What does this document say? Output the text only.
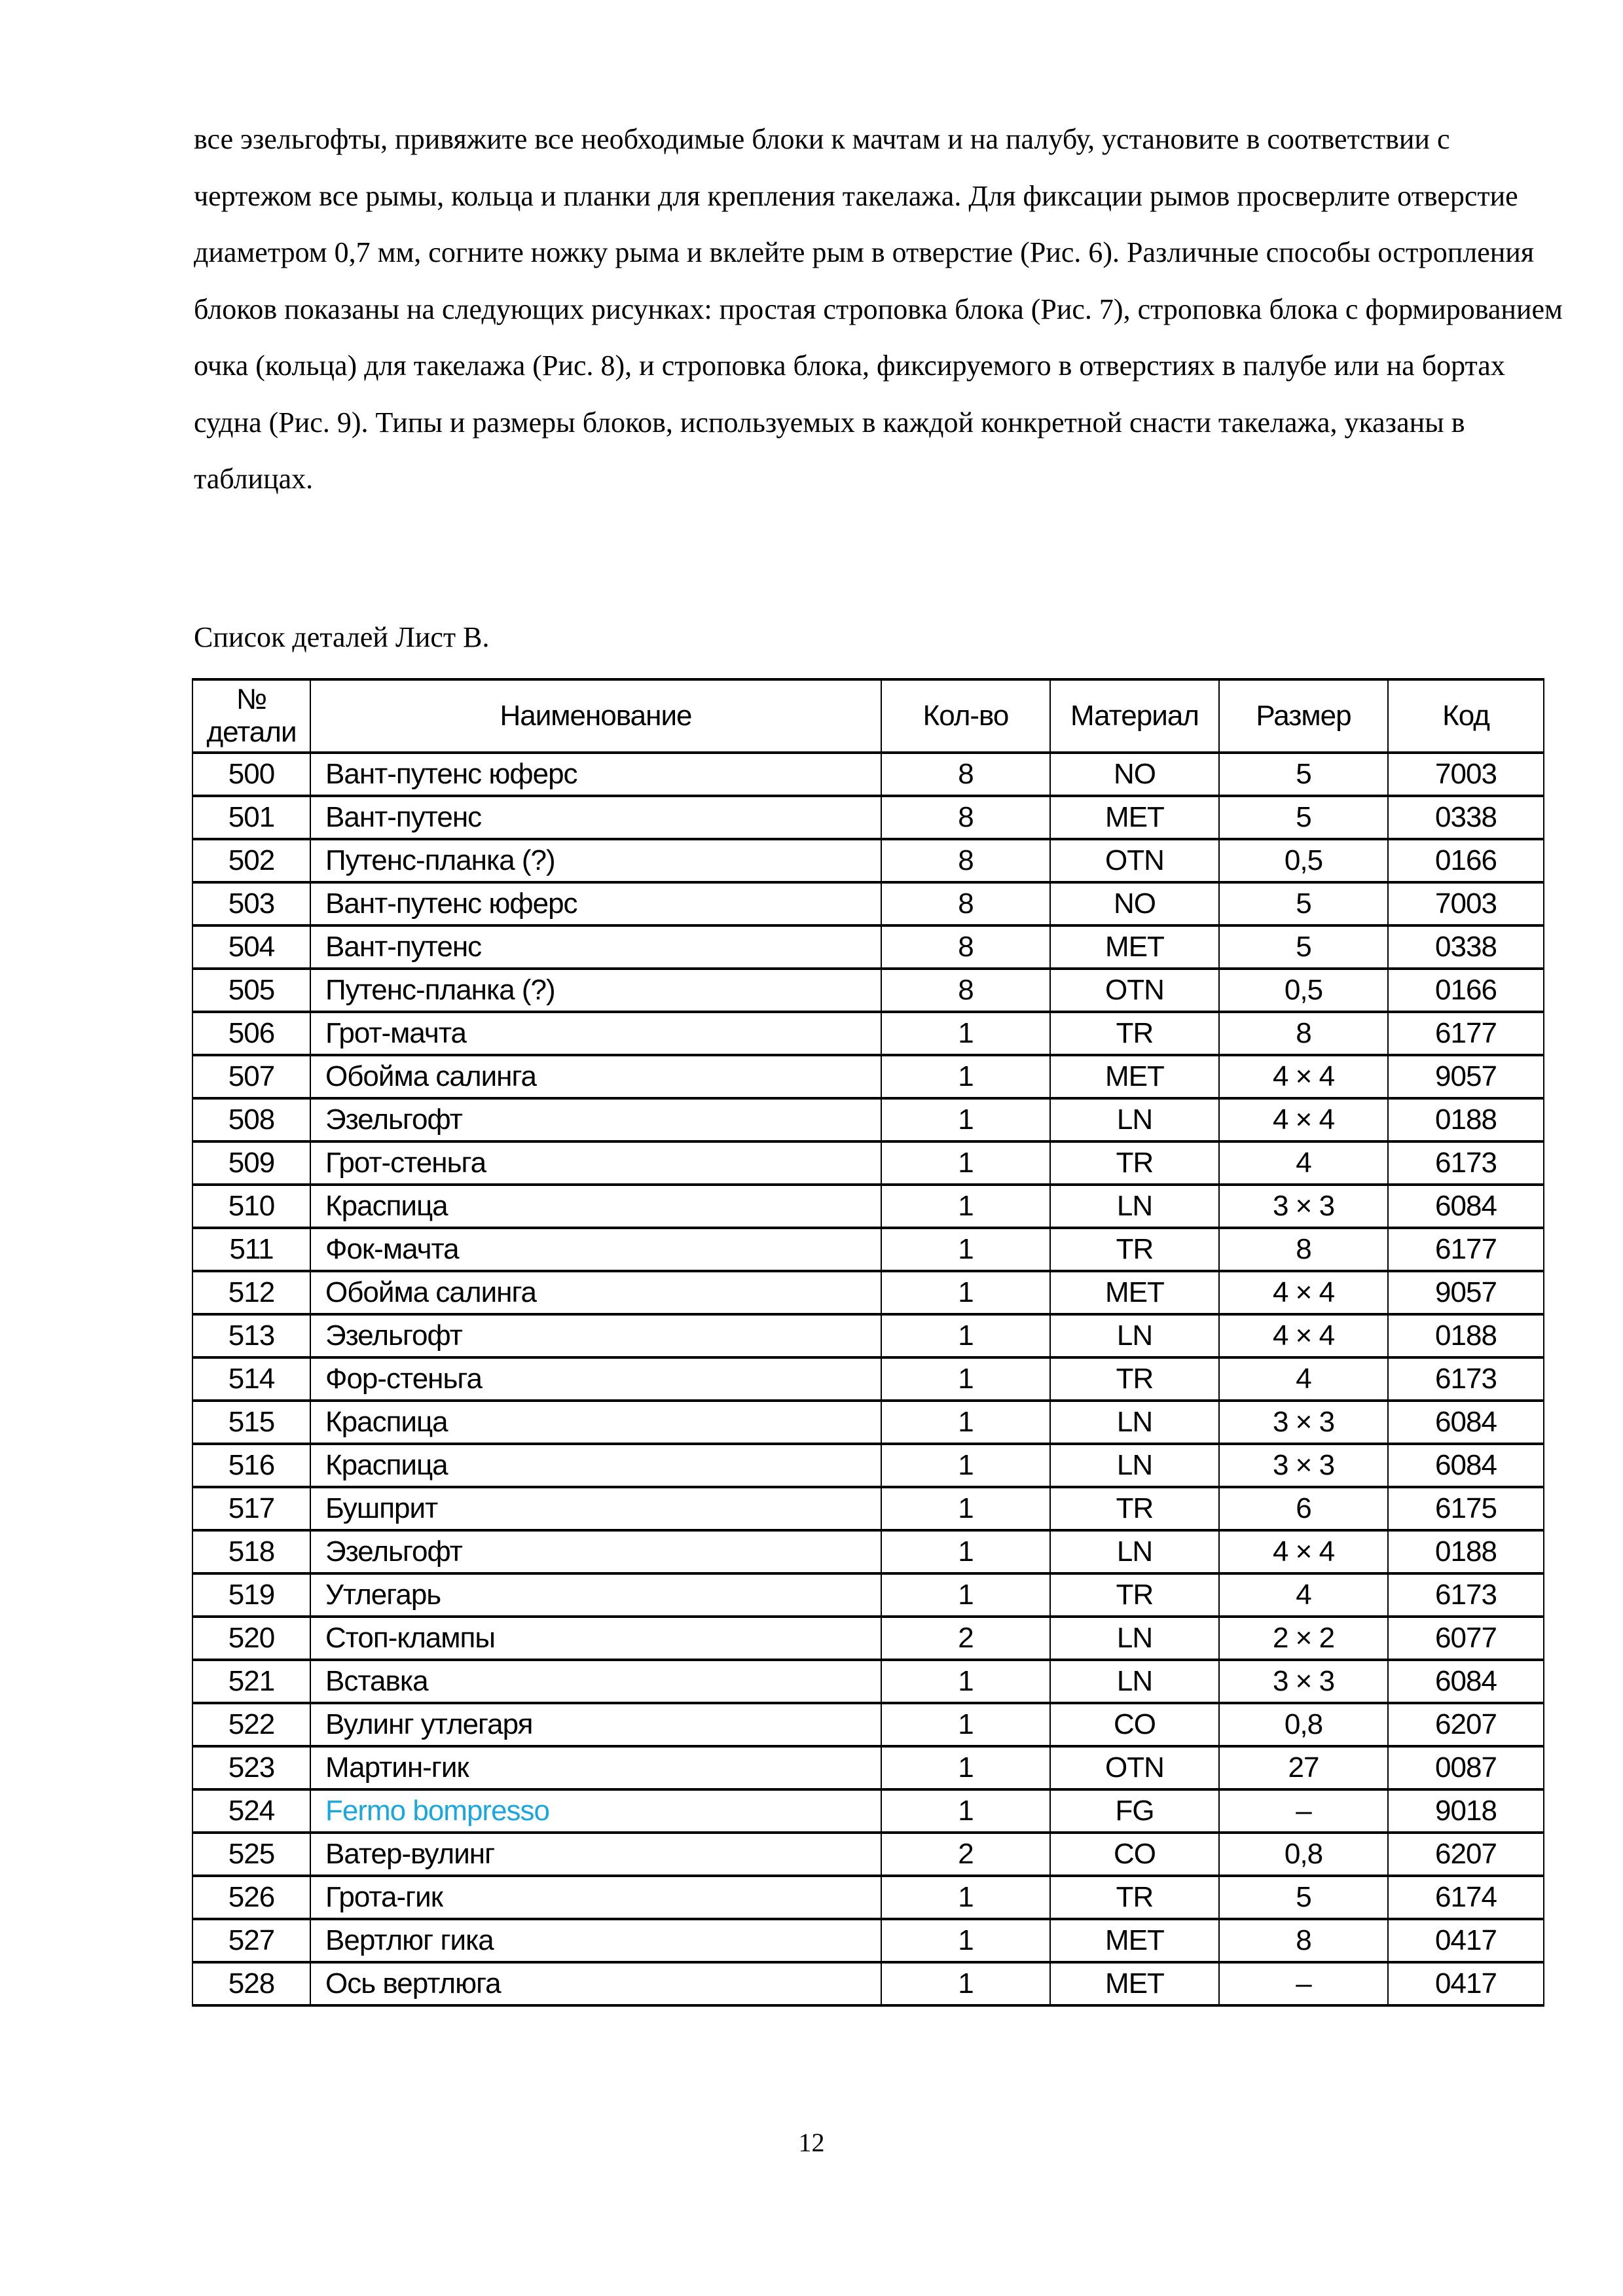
все эзельгофты, привяжите все необходимые блоки к мачтам и на палубу, установите в соответствии с чертежом все рымы, кольца и планки для крепления такелажа. Для фиксации рымов просверлите отверстие диаметром 0,7 мм, согните ножку рыма и вклейте рым в отверстие (Рис. 6). Различные способы остропления блоков показаны на следующих рисунках: простая строповка блока (Рис. 7), строповка блока с формированием очка (кольца) для такелажа (Рис. 8), и строповка блока, фиксируемого в отверстиях в палубе или на бортах судна (Рис. 9). Типы и размеры блоков, используемых в каждой конкретной снасти такелажа, указаны в таблицах.

Список деталей Лист B.
№
детали	Наименование	Кол-во	Материал	Размер	Код
500	Вант-путенс юферс	8	NO	5	7003
501	Вант-путенс	8	MET	5	0338
502	Путенс-планка (?)	8	OTN	0,5	0166
503	Вант-путенс юферс	8	NO	5	7003
504	Вант-путенс	8	MET	5	0338
505	Путенс-планка (?)	8	OTN	0,5	0166
506	Грот-мачта	1	TR	8	6177
507	Обойма салинга	1	MET	4 × 4	9057
508	Эзельгофт	1	LN	4 × 4	0188
509	Грот-стеньга	1	TR	4	6173
510	Краспица	1	LN	3 × 3	6084
511	Фок-мачта	1	TR	8	6177
512	Обойма салинга	1	MET	4 × 4	9057
513	Эзельгофт	1	LN	4 × 4	0188
514	Фор-стеньга	1	TR	4	6173
515	Краспица	1	LN	3 × 3	6084
516	Краспица	1	LN	3 × 3	6084
517	Бушприт	1	TR	6	6175
518	Эзельгофт	1	LN	4 × 4	0188
519	Утлегарь	1	TR	4	6173
520	Стоп-клампы	2	LN	2 × 2	6077
521	Вставка	1	LN	3 × 3	6084
522	Вулинг утлегаря	1	CO	0,8	6207
523	Мартин-гик	1	OTN	27	0087
524	Fermo bompresso	1	FG	–	9018
525	Ватер-вулинг	2	CO	0,8	6207
526	Грота-гик	1	TR	5	6174
527	Вертлюг гика	1	MET	8	0417
528	Ось вертлюга	1	MET	–	0417
12
